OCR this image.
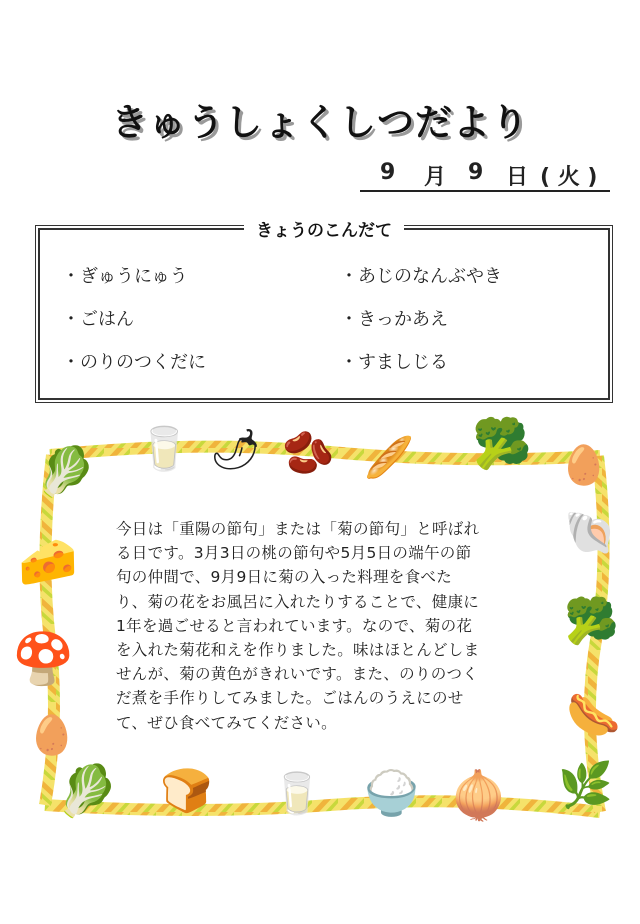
きゅうしょくしつだより
9 月 9 日 ( 火 )
きょうのこんだて
・ぎゅうにゅう	・あじのなんぶやき
・ごはん	・きっかあえ
・のりのつくだに	・すましじる
🥬 🥛 🌶 🫘 🥖 🥦 🥚
🧀
🐚
🍄
🥦
🥚	🌭
🥬 🍞 🥛 🍚 🧅 🌿
今日は「重陽の節句」または「菊の節句」と呼ばれ
る日です。3月3日の桃の節句や5月5日の端午の節
句の仲間で、9月9日に菊の入った料理を食べた
り、菊の花をお風呂に入れたりすることで、健康に
1年を過ごせると言われています。なので、菊の花
を入れた菊花和えを作りました。味はほとんどしま
せんが、菊の黄色がきれいです。また、のりのつく
だ煮を手作りしてみました。ごはんのうえにのせ
て、ぜひ食べてみてください。
